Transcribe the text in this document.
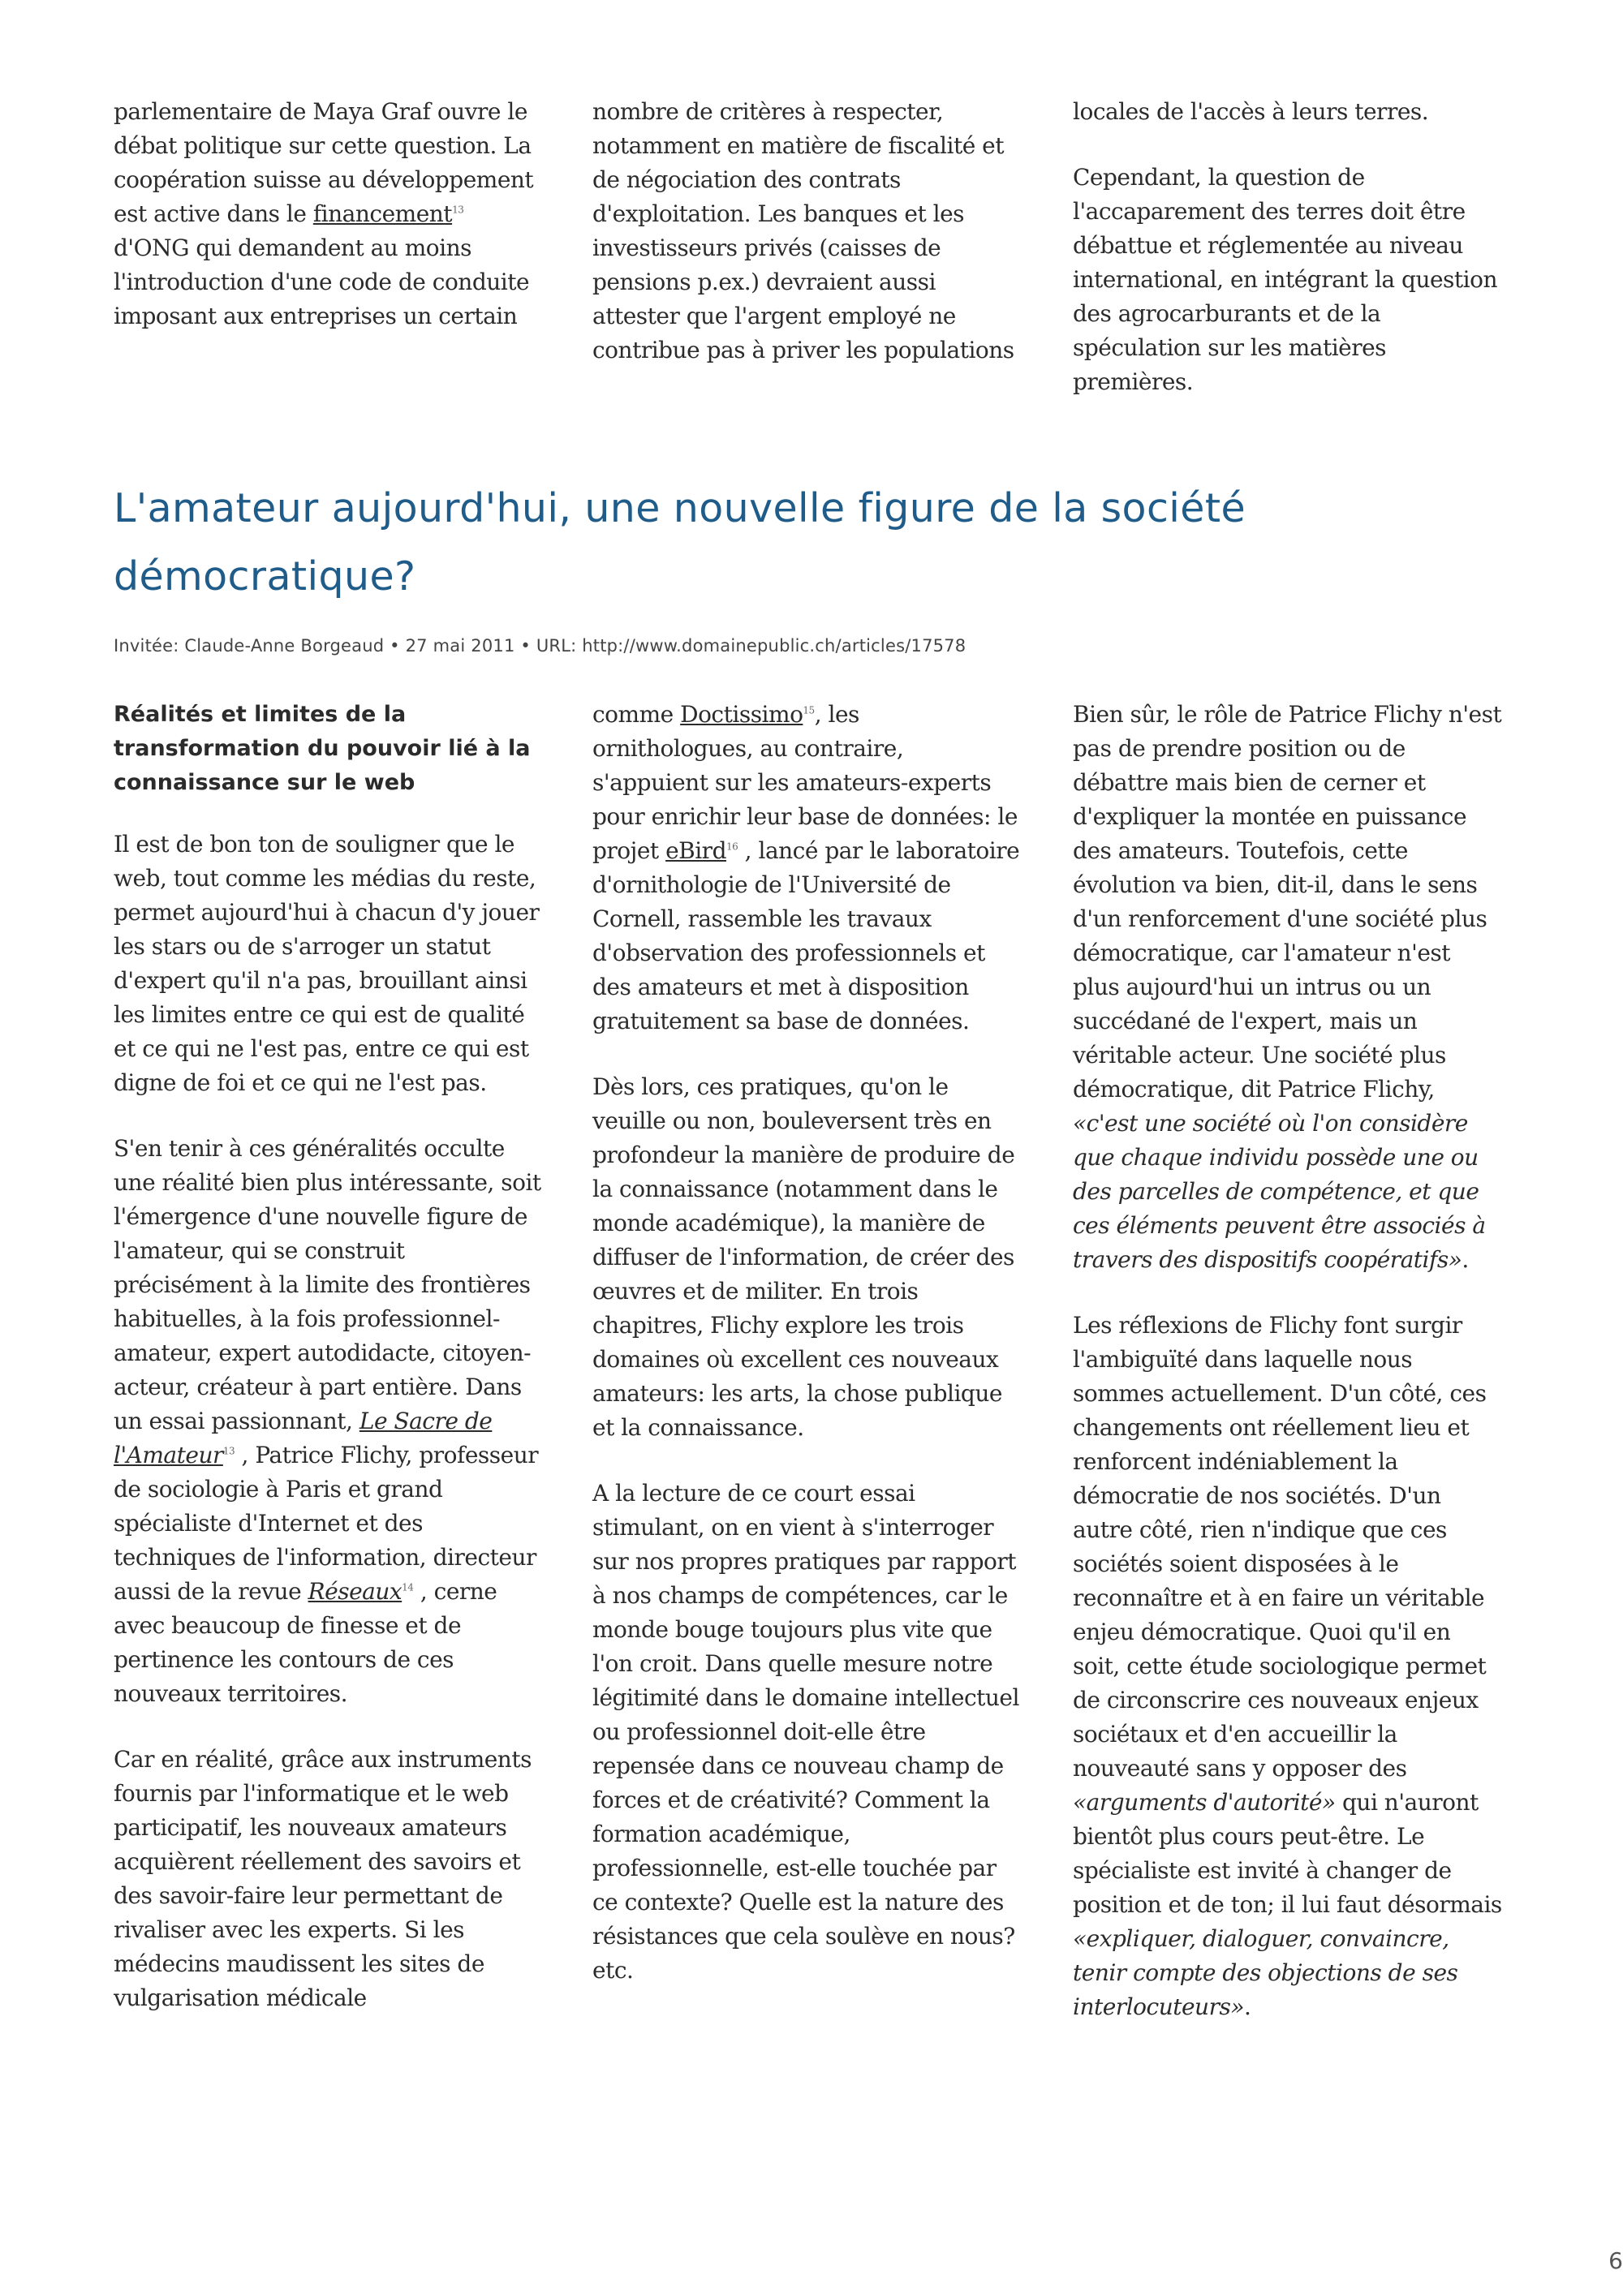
parlementaire de Maya Graf ouvre le débat politique sur cette question. La coopération suisse au développement est active dans le financement$^{13}$ d'ONG qui demandent au moins l'introduction d'une code de conduite imposant aux entreprises un certain

nombre de critères à respecter, notamment en matière de fiscalité et de négociation des contrats d'exploitation. Les banques et les investisseurs privés (caisses de pensions p.ex.) devraient aussi attester que l'argent employé ne contribue pas à priver les populations

locales de l'accès à leurs terres.

Cependant, la question de l'accaparement des terres doit être débattue et réglementée au niveau international, en intégrant la question des agrocarburants et de la spéculation sur les matières premières.

L'amateur aujourd'hui, une nouvelle figure de la société démocratique?

Invitée: Claude-Anne Borgeaud • 27 mai 2011 • URL: http://www.domainepublic.ch/articles/17578

Réalités et limites de la transformation du pouvoir lié à la connaissance sur le web

Il est de bon ton de souligner que le web, tout comme les médias du reste, permet aujourd'hui à chacun d'y jouer les stars ou de s'arroger un statut d'expert qu'il n'a pas, brouillant ainsi les limites entre ce qui est de qualité et ce qui ne l'est pas, entre ce qui est digne de foi et ce qui ne l'est pas.

S'en tenir à ces généralités occulte une réalité bien plus intéressante, soit l'émergence d'une nouvelle figure de l'amateur, qui se construit précisément à la limite des frontières habituelles, à la fois professionnel-amateur, expert autodidacte, citoyen-acteur, créateur à part entière. Dans un essai passionnant, Le Sacre de l'Amateur$^{13}$ , Patrice Flichy, professeur de sociologie à Paris et grand spécialiste d'Internet et des techniques de l'information, directeur aussi de la revue Réseaux$^{14}$ , cerne avec beaucoup de finesse et de pertinence les contours de ces nouveaux territoires.

Car en réalité, grâce aux instruments fournis par l'informatique et le web participatif, les nouveaux amateurs acquièrent réellement des savoirs et des savoir-faire leur permettant de rivaliser avec les experts. Si les médecins maudissent les sites de vulgarisation médicale

comme Doctissimo$^{15}$, les ornithologues, au contraire, s'appuient sur les amateurs-experts pour enrichir leur base de données: le projet eBird$^{16}$ , lancé par le laboratoire d'ornithologie de l'Université de Cornell, rassemble les travaux d'observation des professionnels et des amateurs et met à disposition gratuitement sa base de données.

Dès lors, ces pratiques, qu'on le veuille ou non, bouleversent très en profondeur la manière de produire de la connaissance (notamment dans le monde académique), la manière de diffuser de l'information, de créer des œuvres et de militer. En trois chapitres, Flichy explore les trois domaines où excellent ces nouveaux amateurs: les arts, la chose publique et la connaissance.

A la lecture de ce court essai stimulant, on en vient à s'interroger sur nos propres pratiques par rapport à nos champs de compétences, car le monde bouge toujours plus vite que l'on croit. Dans quelle mesure notre légitimité dans le domaine intellectuel ou professionnel doit-elle être repensée dans ce nouveau champ de forces et de créativité? Comment la formation académique, professionnelle, est-elle touchée par ce contexte? Quelle est la nature des résistances que cela soulève en nous? etc.

Bien sûr, le rôle de Patrice Flichy n'est pas de prendre position ou de débattre mais bien de cerner et d'expliquer la montée en puissance des amateurs. Toutefois, cette évolution va bien, dit-il, dans le sens d'un renforcement d'une société plus démocratique, car l'amateur n'est plus aujourd'hui un intrus ou un succédané de l'expert, mais un véritable acteur. Une société plus démocratique, dit Patrice Flichy, «c'est une société où l'on considère que chaque individu possède une ou des parcelles de compétence, et que ces éléments peuvent être associés à travers des dispositifs coopératifs».

Les réflexions de Flichy font surgir l'ambiguïté dans laquelle nous sommes actuellement. D'un côté, ces changements ont réellement lieu et renforcent indéniablement la démocratie de nos sociétés. D'un autre côté, rien n'indique que ces sociétés soient disposées à le reconnaître et à en faire un véritable enjeu démocratique. Quoi qu'il en soit, cette étude sociologique permet de circonscrire ces nouveaux enjeux sociétaux et d'en accueillir la nouveauté sans y opposer des «arguments d'autorité» qui n'auront bientôt plus cours peut-être. Le spécialiste est invité à changer de position et de ton; il lui faut désormais «expliquer, dialoguer, convaincre, tenir compte des objections de ses interlocuteurs».

6
